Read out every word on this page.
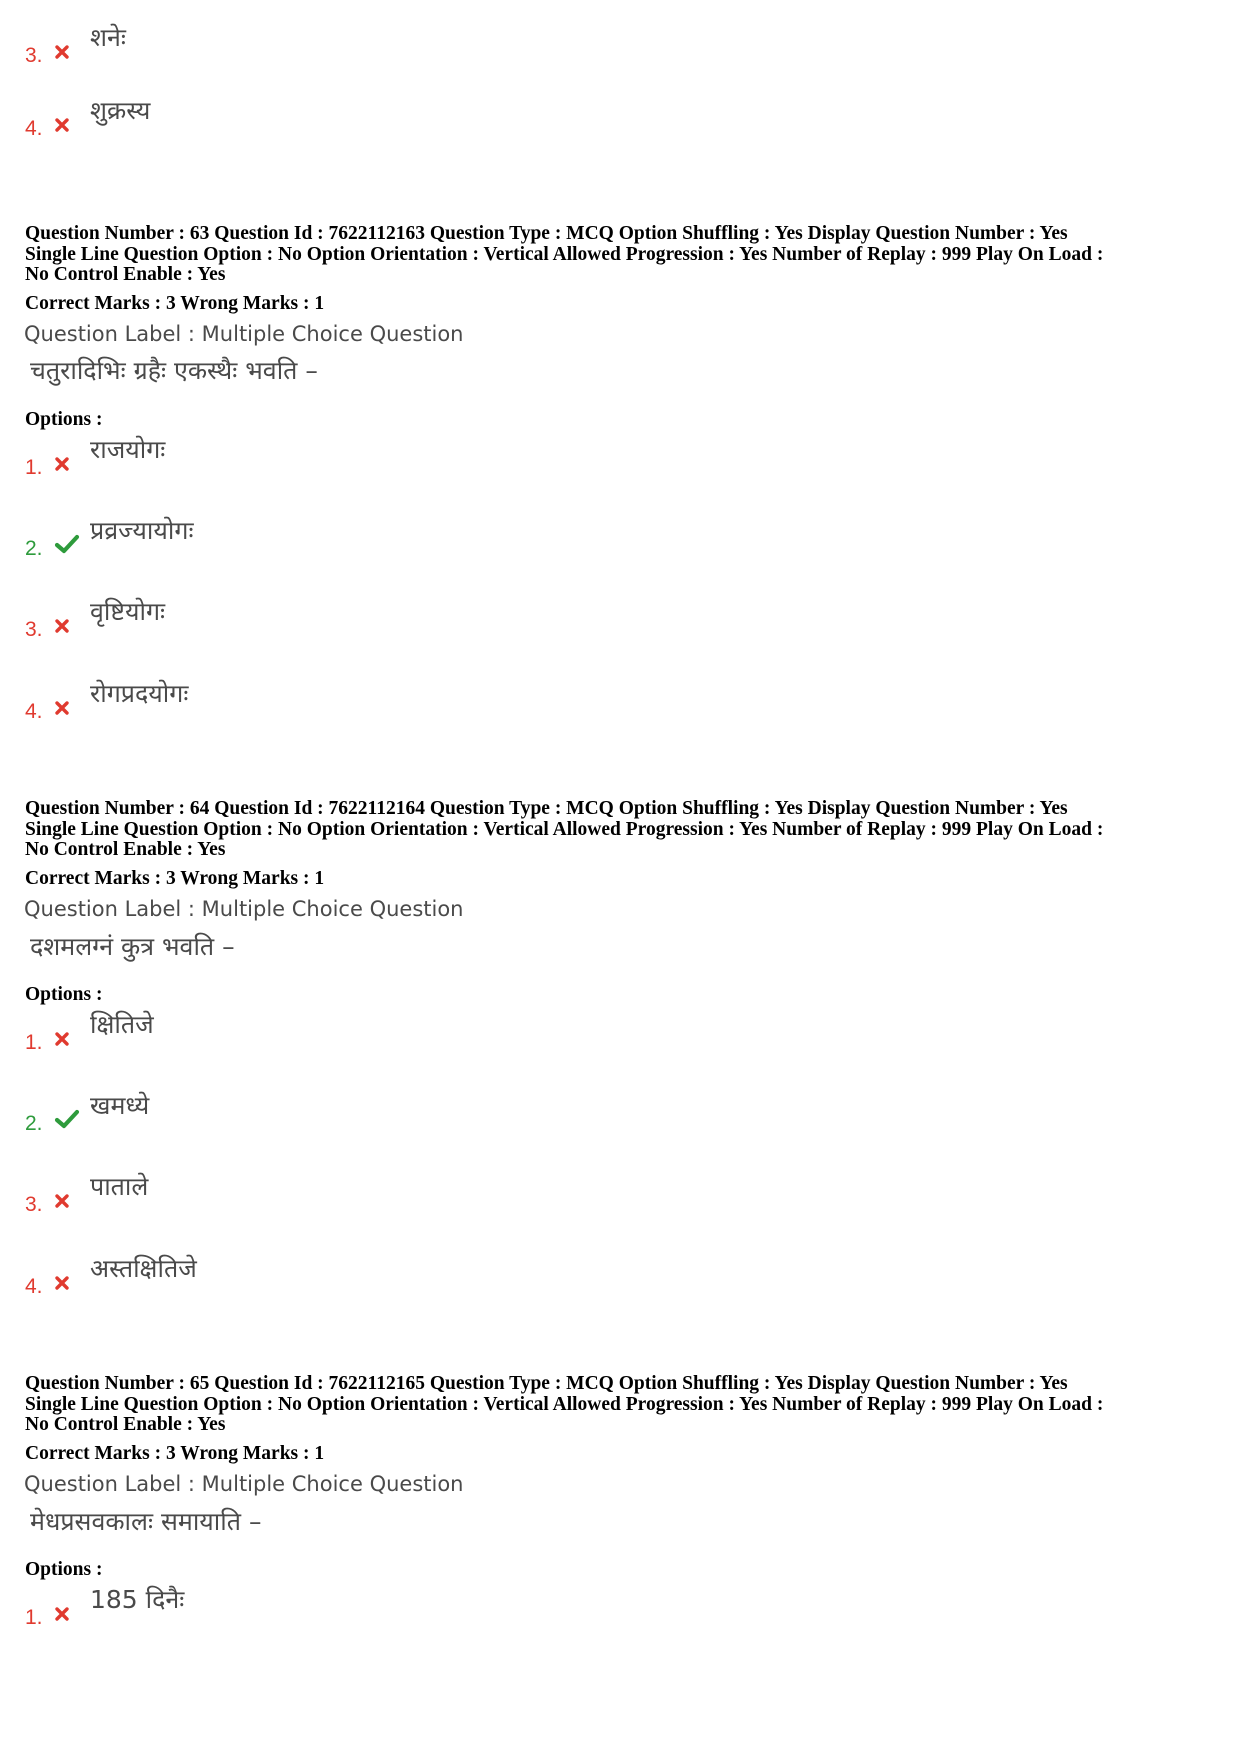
3.
शनेः
4.
शुक्रस्य
Question Number : 63 Question Id : 7622112163 Question Type : MCQ Option Shuffling : Yes Display Question Number : Yes
Single Line Question Option : No Option Orientation : Vertical Allowed Progression : Yes Number of Replay : 999 Play On Load :
No Control Enable : Yes
Correct Marks : 3 Wrong Marks : 1
Question Label : Multiple Choice Question
चतुरादिभिः ग्रहैः एकस्थैः भवति –
Options :
1.
राजयोगः
2.
प्रव्रज्यायोगः
3.
वृष्टियोगः
4.
रोगप्रदयोगः
Question Number : 64 Question Id : 7622112164 Question Type : MCQ Option Shuffling : Yes Display Question Number : Yes
Single Line Question Option : No Option Orientation : Vertical Allowed Progression : Yes Number of Replay : 999 Play On Load :
No Control Enable : Yes
Correct Marks : 3 Wrong Marks : 1
Question Label : Multiple Choice Question
दशमलग्नं कुत्र भवति –
Options :
1.
क्षितिजे
2.
खमध्ये
3.
पाताले
4.
अस्तक्षितिजे
Question Number : 65 Question Id : 7622112165 Question Type : MCQ Option Shuffling : Yes Display Question Number : Yes
Single Line Question Option : No Option Orientation : Vertical Allowed Progression : Yes Number of Replay : 999 Play On Load :
No Control Enable : Yes
Correct Marks : 3 Wrong Marks : 1
Question Label : Multiple Choice Question
मेधप्रसवकालः समायाति –
Options :
1.
185 दिनैः
